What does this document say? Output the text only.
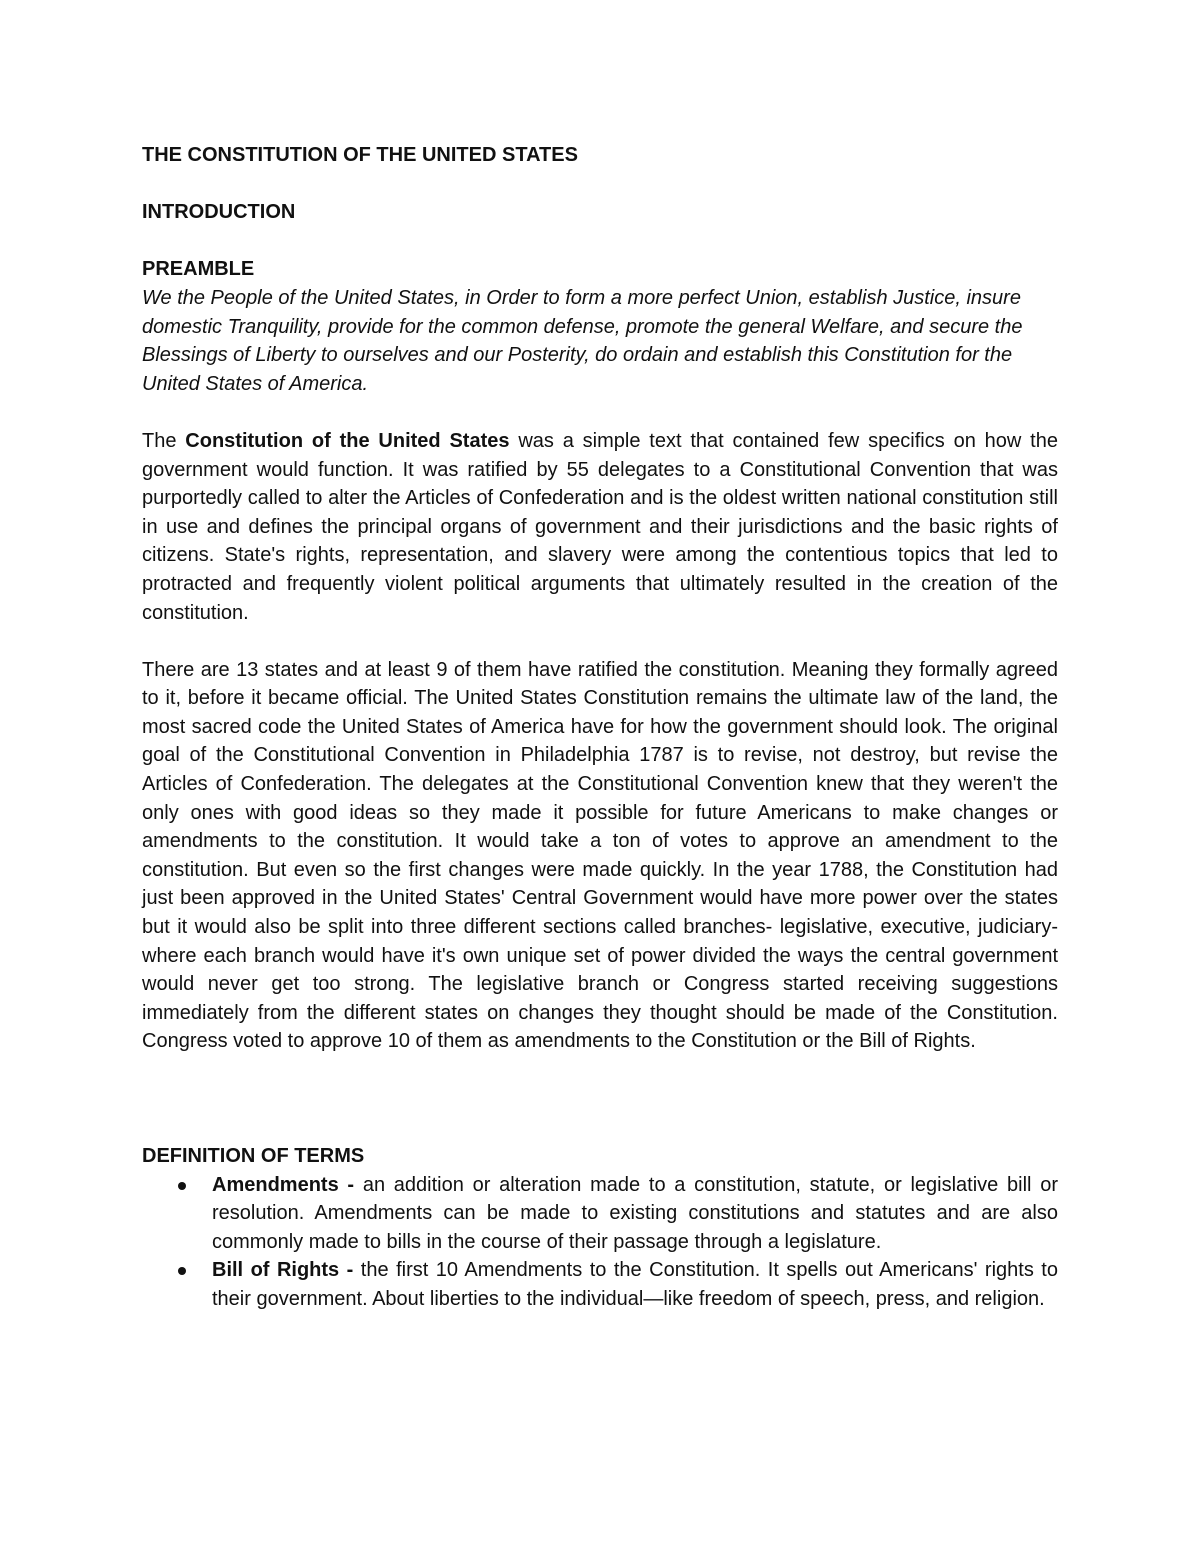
THE CONSTITUTION OF THE UNITED STATES

INTRODUCTION

PREAMBLE

We the People of the United States, in Order to form a more perfect Union, establish Justice, insure domestic Tranquility, provide for the common defense, promote the general Welfare, and secure the Blessings of Liberty to ourselves and our Posterity, do ordain and establish this Constitution for the United States of America.

The Constitution of the United States was a simple text that contained few specifics on how the government would function. It was ratified by 55 delegates to a Constitutional Convention that was purportedly called to alter the Articles of Confederation and is the oldest written national constitution still in use and defines the principal organs of government and their jurisdictions and the basic rights of citizens. State's rights, representation, and slavery were among the contentious topics that led to protracted and frequently violent political arguments that ultimately resulted in the creation of the constitution.

There are 13 states and at least 9 of them have ratified the constitution. Meaning they formally agreed to it, before it became official. The United States Constitution remains the ultimate law of the land, the most sacred code the United States of America have for how the government should look. The original goal of the Constitutional Convention in Philadelphia 1787 is to revise, not destroy, but revise the Articles of Confederation. The delegates at the Constitutional Convention knew that they weren't the only ones with good ideas so they made it possible for future Americans to make changes or amendments to the constitution. It would take a ton of votes to approve an amendment to the constitution. But even so the first changes were made quickly. In the year 1788, the Constitution had just been approved in the United States' Central Government would have more power over the states but it would also be split into three different sections called branches- legislative, executive, judiciary- where each branch would have it's own unique set of power divided the ways the central government would never get too strong. The legislative branch or Congress started receiving suggestions immediately from the different states on changes they thought should be made of the Constitution. Congress voted to approve 10 of them as amendments to the Constitution or the Bill of Rights.

DEFINITION OF TERMS

Amendments - an addition or alteration made to a constitution, statute, or legislative bill or resolution. Amendments can be made to existing constitutions and statutes and are also commonly made to bills in the course of their passage through a legislature.
Bill of Rights - the first 10 Amendments to the Constitution. It spells out Americans' rights to their government. About liberties to the individual—like freedom of speech, press, and religion.
